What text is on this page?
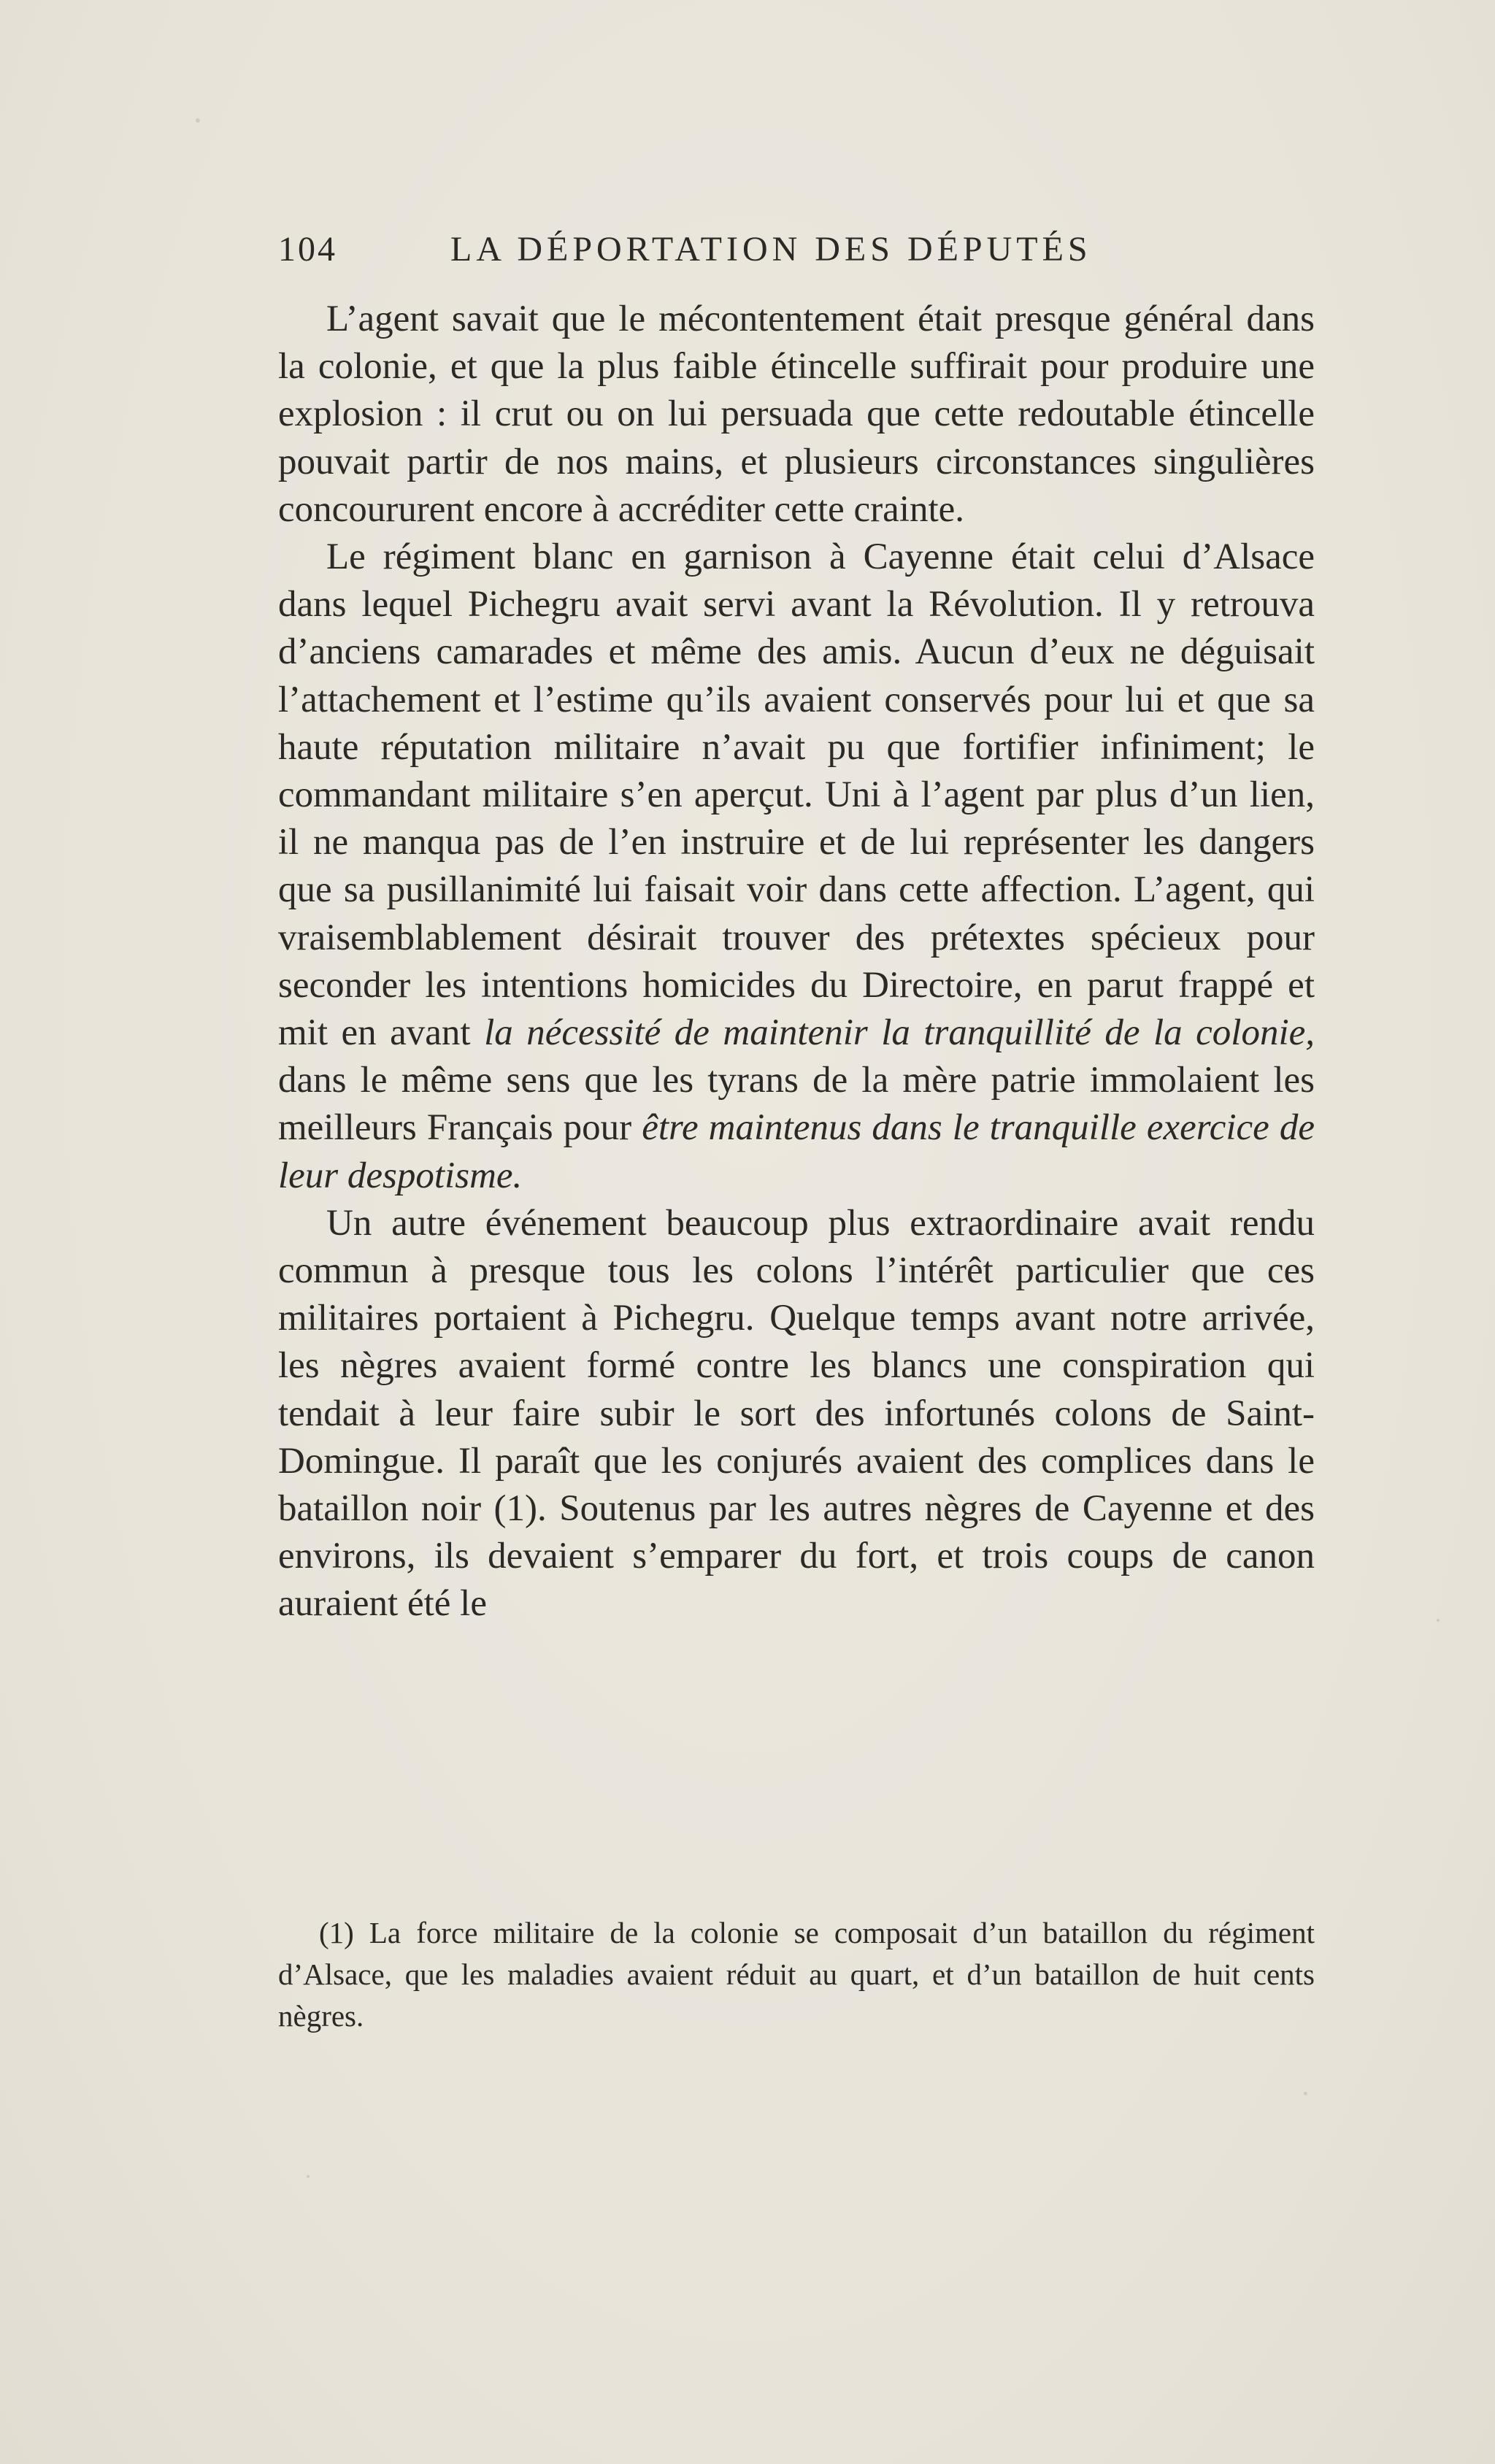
104	LA DÉPORTATION DES DÉPUTÉS

L’agent savait que le mécontentement était presque général dans la colonie, et que la plus faible étincelle suffirait pour produire une explosion : il crut ou on lui persuada que cette redoutable étincelle pouvait partir de nos mains, et plusieurs circonstances singulières concoururent encore à accréditer cette crainte.

Le régiment blanc en garnison à Cayenne était celui d’Alsace dans lequel Pichegru avait servi avant la Révolution. Il y retrouva d’anciens camarades et même des amis. Aucun d’eux ne déguisait l’attachement et l’estime qu’ils avaient conservés pour lui et que sa haute réputation militaire n’avait pu que fortifier infiniment; le commandant militaire s’en aperçut. Uni à l’agent par plus d’un lien, il ne manqua pas de l’en instruire et de lui représenter les dangers que sa pusillanimité lui faisait voir dans cette affection. L’agent, qui vraisemblablement désirait trouver des prétextes spécieux pour seconder les intentions homicides du Directoire, en parut frappé et mit en avant la nécessité de maintenir la tranquillité de la colonie, dans le même sens que les tyrans de la mère patrie immolaient les meilleurs Français pour être maintenus dans le tranquille exercice de leur despotisme.

Un autre événement beaucoup plus extraordinaire avait rendu commun à presque tous les colons l’intérêt particulier que ces militaires portaient à Pichegru. Quelque temps avant notre arrivée, les nègres avaient formé contre les blancs une conspiration qui tendait à leur faire subir le sort des infortunés colons de Saint-Domingue. Il paraît que les conjurés avaient des complices dans le bataillon noir (1). Soutenus par les autres nègres de Cayenne et des environs, ils devaient s’emparer du fort, et trois coups de canon auraient été le

(1) La force militaire de la colonie se composait d’un bataillon du régiment d’Alsace, que les maladies avaient réduit au quart, et d’un bataillon de huit cents nègres.
